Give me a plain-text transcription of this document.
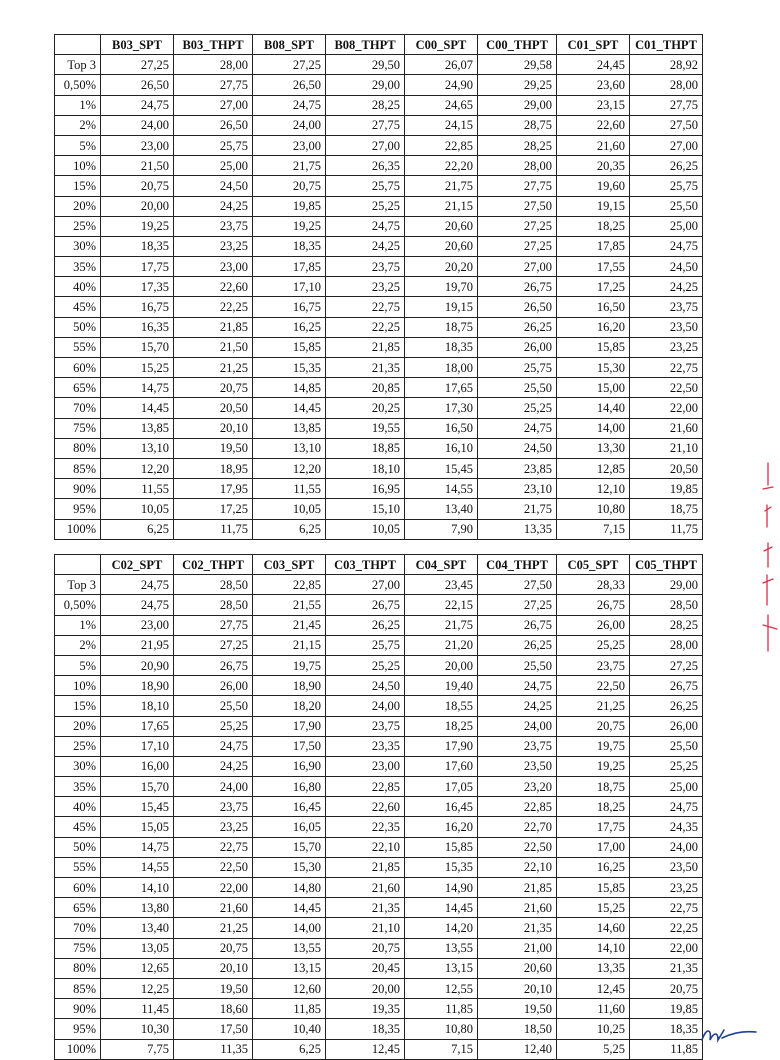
	B03_SPT	B03_THPT	B08_SPT	B08_THPT	C00_SPT	C00_THPT	C01_SPT	C01_THPT
Top 3	27,25	28,00	27,25	29,50	26,07	29,58	24,45	28,92
0,50%	26,50	27,75	26,50	29,00	24,90	29,25	23,60	28,00
1%	24,75	27,00	24,75	28,25	24,65	29,00	23,15	27,75
2%	24,00	26,50	24,00	27,75	24,15	28,75	22,60	27,50
5%	23,00	25,75	23,00	27,00	22,85	28,25	21,60	27,00
10%	21,50	25,00	21,75	26,35	22,20	28,00	20,35	26,25
15%	20,75	24,50	20,75	25,75	21,75	27,75	19,60	25,75
20%	20,00	24,25	19,85	25,25	21,15	27,50	19,15	25,50
25%	19,25	23,75	19,25	24,75	20,60	27,25	18,25	25,00
30%	18,35	23,25	18,35	24,25	20,60	27,25	17,85	24,75
35%	17,75	23,00	17,85	23,75	20,20	27,00	17,55	24,50
40%	17,35	22,60	17,10	23,25	19,70	26,75	17,25	24,25
45%	16,75	22,25	16,75	22,75	19,15	26,50	16,50	23,75
50%	16,35	21,85	16,25	22,25	18,75	26,25	16,20	23,50
55%	15,70	21,50	15,85	21,85	18,35	26,00	15,85	23,25
60%	15,25	21,25	15,35	21,35	18,00	25,75	15,30	22,75
65%	14,75	20,75	14,85	20,85	17,65	25,50	15,00	22,50
70%	14,45	20,50	14,45	20,25	17,30	25,25	14,40	22,00
75%	13,85	20,10	13,85	19,55	16,50	24,75	14,00	21,60
80%	13,10	19,50	13,10	18,85	16,10	24,50	13,30	21,10
85%	12,20	18,95	12,20	18,10	15,45	23,85	12,85	20,50
90%	11,55	17,95	11,55	16,95	14,55	23,10	12,10	19,85
95%	10,05	17,25	10,05	15,10	13,40	21,75	10,80	18,75
100%	6,25	11,75	6,25	10,05	7,90	13,35	7,15	11,75
	C02_SPT	C02_THPT	C03_SPT	C03_THPT	C04_SPT	C04_THPT	C05_SPT	C05_THPT
Top 3	24,75	28,50	22,85	27,00	23,45	27,50	28,33	29,00
0,50%	24,75	28,50	21,55	26,75	22,15	27,25	26,75	28,50
1%	23,00	27,75	21,45	26,25	21,75	26,75	26,00	28,25
2%	21,95	27,25	21,15	25,75	21,20	26,25	25,25	28,00
5%	20,90	26,75	19,75	25,25	20,00	25,50	23,75	27,25
10%	18,90	26,00	18,90	24,50	19,40	24,75	22,50	26,75
15%	18,10	25,50	18,20	24,00	18,55	24,25	21,25	26,25
20%	17,65	25,25	17,90	23,75	18,25	24,00	20,75	26,00
25%	17,10	24,75	17,50	23,35	17,90	23,75	19,75	25,50
30%	16,00	24,25	16,90	23,00	17,60	23,50	19,25	25,25
35%	15,70	24,00	16,80	22,85	17,05	23,20	18,75	25,00
40%	15,45	23,75	16,45	22,60	16,45	22,85	18,25	24,75
45%	15,05	23,25	16,05	22,35	16,20	22,70	17,75	24,35
50%	14,75	22,75	15,70	22,10	15,85	22,50	17,00	24,00
55%	14,55	22,50	15,30	21,85	15,35	22,10	16,25	23,50
60%	14,10	22,00	14,80	21,60	14,90	21,85	15,85	23,25
65%	13,80	21,60	14,45	21,35	14,45	21,60	15,25	22,75
70%	13,40	21,25	14,00	21,10	14,20	21,35	14,60	22,25
75%	13,05	20,75	13,55	20,75	13,55	21,00	14,10	22,00
80%	12,65	20,10	13,15	20,45	13,15	20,60	13,35	21,35
85%	12,25	19,50	12,60	20,00	12,55	20,10	12,45	20,75
90%	11,45	18,60	11,85	19,35	11,85	19,50	11,60	19,85
95%	10,30	17,50	10,40	18,35	10,80	18,50	10,25	18,35
100%	7,75	11,35	6,25	12,45	7,15	12,40	5,25	11,85
